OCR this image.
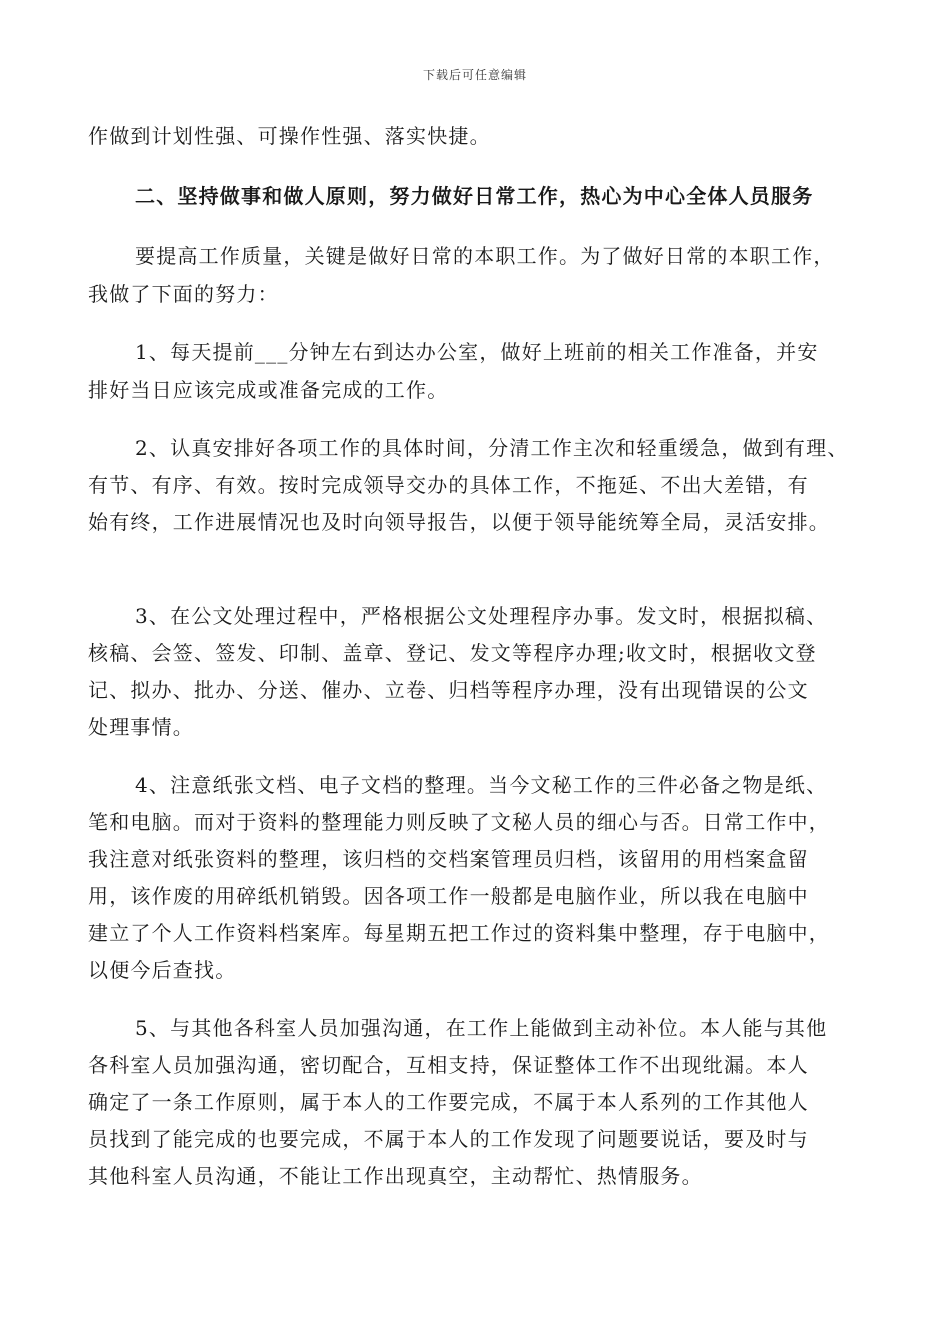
下载后可任意编辑
作做到计划性强、可操作性强、落实快捷。
二、坚持做事和做人原则，努力做好日常工作，热心为中心全体人员服务
要提高工作质量，关键是做好日常的本职工作。为了做好日常的本职工作，
我做了下面的努力：
1、每天提前___分钟左右到达办公室，做好上班前的相关工作准备，并安
排好当日应该完成或准备完成的工作。
2、认真安排好各项工作的具体时间，分清工作主次和轻重缓急，做到有理、
有节、有序、有效。按时完成领导交办的具体工作，不拖延、不出大差错，有
始有终，工作进展情况也及时向领导报告，以便于领导能统筹全局，灵活安排。
3、在公文处理过程中，严格根据公文处理程序办事。发文时，根据拟稿、
核稿、会签、签发、印制、盖章、登记、发文等程序办理;收文时，根据收文登
记、拟办、批办、分送、催办、立卷、归档等程序办理，没有出现错误的公文
处理事情。
4、注意纸张文档、电子文档的整理。当今文秘工作的三件必备之物是纸、
笔和电脑。而对于资料的整理能力则反映了文秘人员的细心与否。日常工作中，
我注意对纸张资料的整理，该归档的交档案管理员归档，该留用的用档案盒留
用，该作废的用碎纸机销毁。因各项工作一般都是电脑作业，所以我在电脑中
建立了个人工作资料档案库。每星期五把工作过的资料集中整理，存于电脑中，
以便今后查找。
5、与其他各科室人员加强沟通，在工作上能做到主动补位。本人能与其他
各科室人员加强沟通，密切配合，互相支持，保证整体工作不出现纰漏。本人
确定了一条工作原则，属于本人的工作要完成，不属于本人系列的工作其他人
员找到了能完成的也要完成，不属于本人的工作发现了问题要说话，要及时与
其他科室人员沟通，不能让工作出现真空，主动帮忙、热情服务。
